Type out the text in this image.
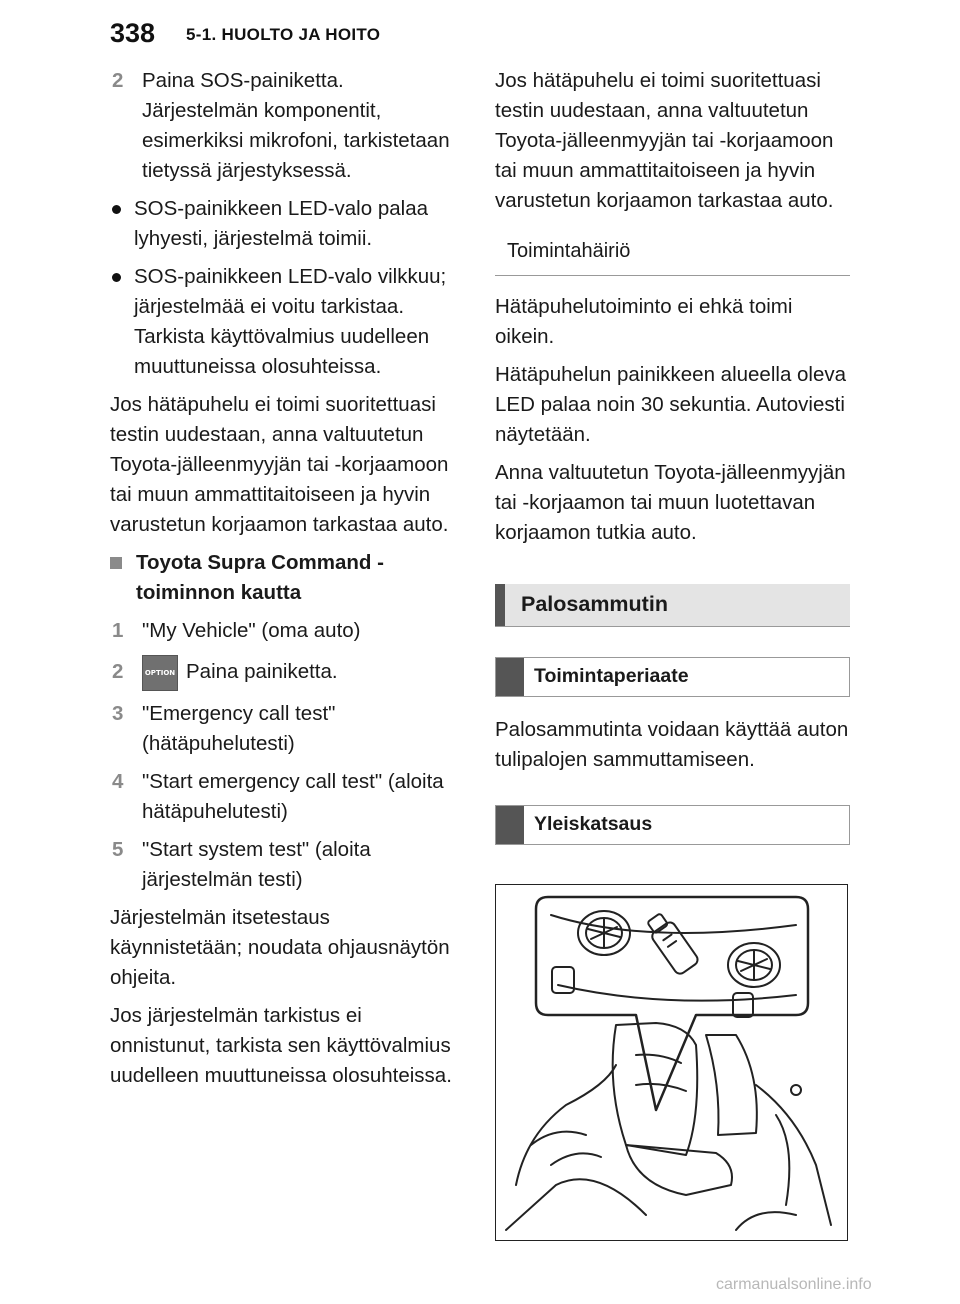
338 5-1. HUOLTO JA HOITO
2 Paina SOS-painiketta. Järjestelmän komponentit, esimerkiksi mikrofoni, tarkistetaan tietyssä järjestyksessä.
SOS-painikkeen LED-valo palaa lyhyesti, järjestelmä toimii.
SOS-painikkeen LED-valo vilkkuu; järjestelmää ei voitu tarkistaa. Tarkista käyttövalmius uudelleen muuttuneissa olosuhteissa.

Jos hätäpuhelu ei toimi suoritettuasi testin uudestaan, anna valtuutetun Toyota-jälleenmyyjän tai -korjaamoon tai muun ammattitaitoiseen ja hyvin varustetun korjaamon tarkastaa auto.

Toyota Supra Command -toiminnon kautta
1 "My Vehicle" (oma auto)
2	OPTION Paina painiketta.
3 "Emergency call test" (hätäpuhelutesti)
4 "Start emergency call test" (aloita hätäpuhelutesti)
5 "Start system test" (aloita järjestelmän testi)

Järjestelmän itsetestaus käynnistetään; noudata ohjausnäytön ohjeita.

Jos järjestelmän tarkistus ei onnistunut, tarkista sen käyttövalmius uudelleen muuttuneissa olosuhteissa.

Jos hätäpuhelu ei toimi suoritettuasi testin uudestaan, anna valtuutetun Toyota-jälleenmyyjän tai -korjaamoon tai muun ammattitaitoiseen ja hyvin varustetun korjaamon tarkastaa auto.

Toimintahäiriö

Hätäpuhelutoiminto ei ehkä toimi oikein.

Hätäpuhelun painikkeen alueella oleva LED palaa noin 30 sekuntia. Autoviesti näytetään.

Anna valtuutetun Toyota-jälleenmyyjän tai -korjaamon tai muun luotettavan korjaamon tutkia auto.

Palosammutin
Toimintaperiaate

Palosammutinta voidaan käyttää auton tulipalojen sammuttamiseen.

Yleiskatsaus
carmanualsonline.info
